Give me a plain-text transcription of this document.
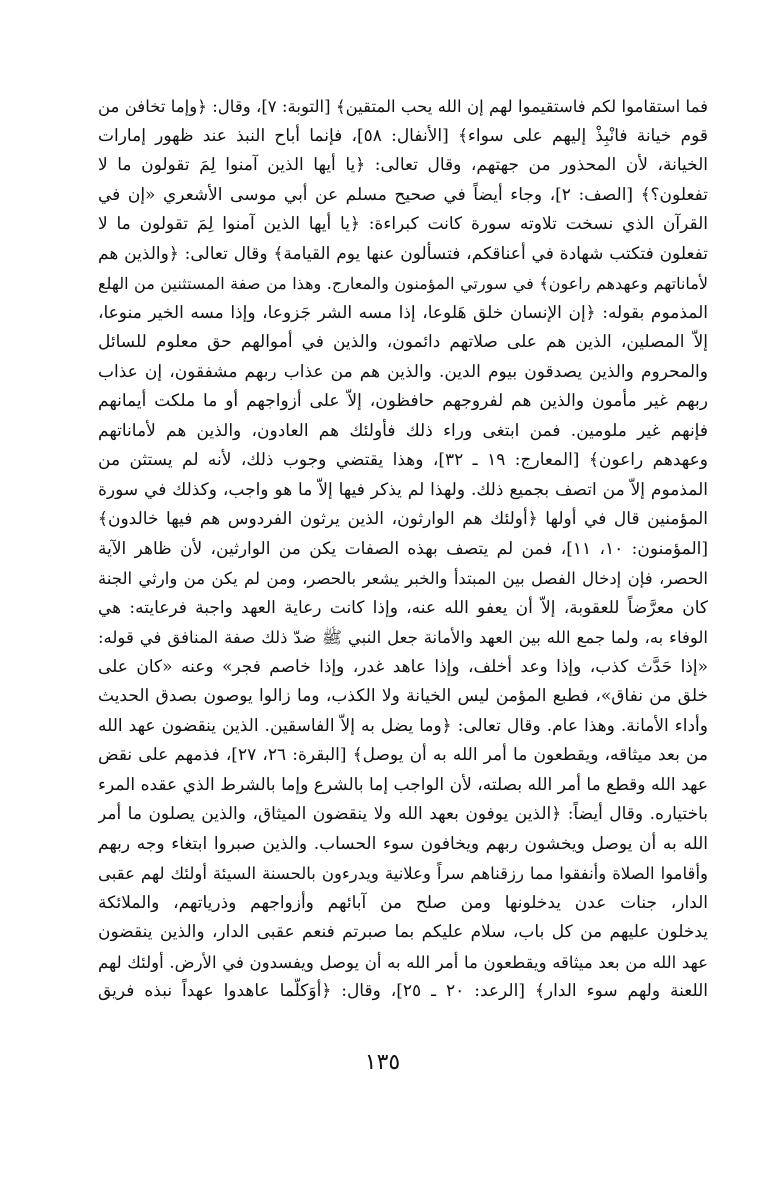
فما استقاموا لكم فاستقيموا لهم إن الله يحب المتقين﴾ [التوبة: ٧]، وقال: ﴿وإما تخافن من
قوم خيانة فانْبِذْ إليهم على سواء﴾ [الأنفال: ٥٨]، فإنما أباح النبذ عند ظهور إمارات
الخيانة، لأن المحذور من جهتهم، وقال تعالى: ﴿يا أيها الذين آمنوا لِمَ تقولون ما لا
تفعلون؟﴾ [الصف: ٢]، وجاء أيضاً في صحيح مسلم عن أبي موسى الأشعري «إن في
القرآن الذي نسخت تلاوته سورة كانت كبراءة: ﴿يا أيها الذين آمنوا لِمَ تقولون ما لا
تفعلون فتكتب شهادة في أعناقكم، فتسألون عنها يوم القيامة﴾ وقال تعالى: ﴿والذين هم
لأماناتهم وعهدهم راعون﴾ في سورتي المؤمنون والمعارج. وهذا من صفة المستثنين من الهلع
المذموم بقوله: ﴿إن الإنسان خلق هَلوعا، إذا مسه الشر جَزوعا، وإذا مسه الخير منوعا،
إلاّ المصلين، الذين هم على صلاتهم دائمون، والذين في أموالهم حق معلوم للسائل
والمحروم والذين يصدقون بيوم الدين. والذين هم من عذاب ربهم مشفقون، إن عذاب
ربهم غير مأمون والذين هم لفروجهم حافظون، إلاّ على أزواجهم أو ما ملكت أيمانهم
فإنهم غير ملومين. فمن ابتغى وراء ذلك فأولئك هم العادون، والذين هم لأماناتهم
وعهدهم راعون﴾ [المعارج: ١٩ ـ ٣٢]، وهذا يقتضي وجوب ذلك، لأنه لم يستثن من
المذموم إلاّ من اتصف بجميع ذلك. ولهذا لم يذكر فيها إلاّ ما هو واجب، وكذلك في سورة
المؤمنين قال في أولها ﴿أولئك هم الوارثون، الذين يرثون الفردوس هم فيها خالدون﴾
[المؤمنون: ١٠، ١١]، فمن لم يتصف بهذه الصفات يكن من الوارثين، لأن ظاهر الآية
الحصر، فإن إدخال الفصل بين المبتدأ والخبر يشعر بالحصر، ومن لم يكن من وارثي الجنة
كان معرَّضاً للعقوبة، إلاّ أن يعفو الله عنه، وإذا كانت رعاية العهد واجبة فرعايته: هي
الوفاء به، ولما جمع الله بين العهد والأمانة جعل النبي ﷺ ضدّ ذلك صفة المنافق في قوله:
«إذا حَدَّث كذب، وإذا وعد أخلف، وإذا عاهد غدر، وإذا خاصم فجر» وعنه «كان على
خلق من نفاق»، فطبع المؤمن ليس الخيانة ولا الكذب، وما زالوا يوصون بصدق الحديث
وأداء الأمانة. وهذا عام. وقال تعالى: ﴿وما يضل به إلاّ الفاسقين. الذين ينقضون عهد الله
من بعد ميثاقه، ويقطعون ما أمر الله به أن يوصل﴾ [البقرة: ٢٦، ٢٧]، فذمهم على نقض
عهد الله وقطع ما أمر الله بصلته، لأن الواجب إما بالشرع وإما بالشرط الذي عقده المرء
باختياره. وقال أيضاً: ﴿الذين يوفون بعهد الله ولا ينقضون الميثاق، والذين يصلون ما أمر
الله به أن يوصل ويخشون ربهم ويخافون سوء الحساب. والذين صبروا ابتغاء وجه ربهم
وأقاموا الصلاة وأنفقوا مما رزقناهم سراً وعلانية ويدرءون بالحسنة السيئة أولئك لهم عقبى
الدار، جنات عدن يدخلونها ومن صلح من آبائهم وأزواجهم وذرياتهم، والملائكة
يدخلون عليهم من كل باب، سلام عليكم بما صبرتم فنعم عقبى الدار، والذين ينقضون
عهد الله من بعد ميثاقه ويقطعون ما أمر الله به أن يوصل ويفسدون في الأرض. أولئك لهم
اللعنة ولهم سوء الدار﴾ [الرعد: ٢٠ ـ ٢٥]، وقال: ﴿أوَكلّما عاهدوا عهداً نبذه فريق
١٣٥
